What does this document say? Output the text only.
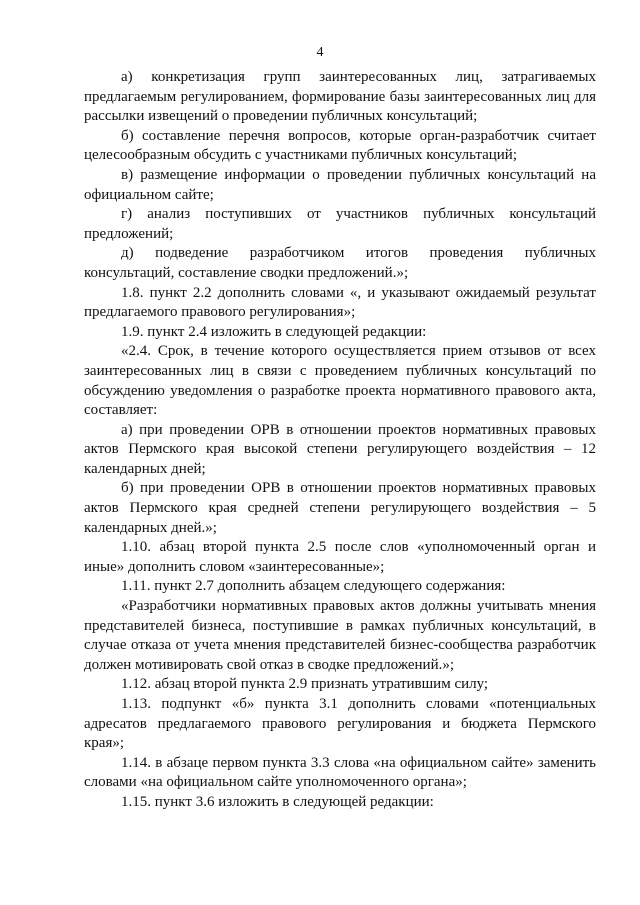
4

а) конкретизация групп заинтересованных лиц, затрагиваемых предлагаемым регулированием, формирование базы заинтересованных лиц для рассылки извещений о проведении публичных консультаций;

б) составление перечня вопросов, которые орган-разработчик считает целесообразным обсудить с участниками публичных консультаций;

в) размещение информации о проведении публичных консультаций на официальном сайте;

г) анализ поступивших от участников публичных консультаций предложений;

д) подведение разработчиком итогов проведения публичных консультаций, составление сводки предложений.»;

1.8. пункт 2.2 дополнить словами «, и указывают ожидаемый результат предлагаемого правового регулирования»;

1.9. пункт 2.4 изложить в следующей редакции:

«2.4. Срок, в течение которого осуществляется прием отзывов от всех заинтересованных лиц в связи с проведением публичных консультаций по обсуждению уведомления о разработке проекта нормативного правового акта, составляет:

а) при проведении ОРВ в отношении проектов нормативных правовых актов Пермского края высокой степени регулирующего воздействия – 12 календарных дней;

б) при проведении ОРВ в отношении проектов нормативных правовых актов Пермского края средней степени регулирующего воздействия – 5 календарных дней.»;

1.10. абзац второй пункта 2.5 после слов «уполномоченный орган и иные» дополнить словом «заинтересованные»;

1.11. пункт 2.7 дополнить абзацем следующего содержания:

«Разработчики нормативных правовых актов должны учитывать мнения представителей бизнеса, поступившие в рамках публичных консультаций, в случае отказа от учета мнения представителей бизнес-сообщества разработчик должен мотивировать свой отказ в сводке предложений.»;

1.12. абзац второй пункта 2.9 признать утратившим силу;

1.13. подпункт «б» пункта 3.1 дополнить словами «потенциальных адресатов предлагаемого правового регулирования и бюджета Пермского края»;

1.14. в абзаце первом пункта 3.3 слова «на официальном сайте» заменить словами «на официальном сайте уполномоченного органа»;

1.15. пункт 3.6 изложить в следующей редакции:
